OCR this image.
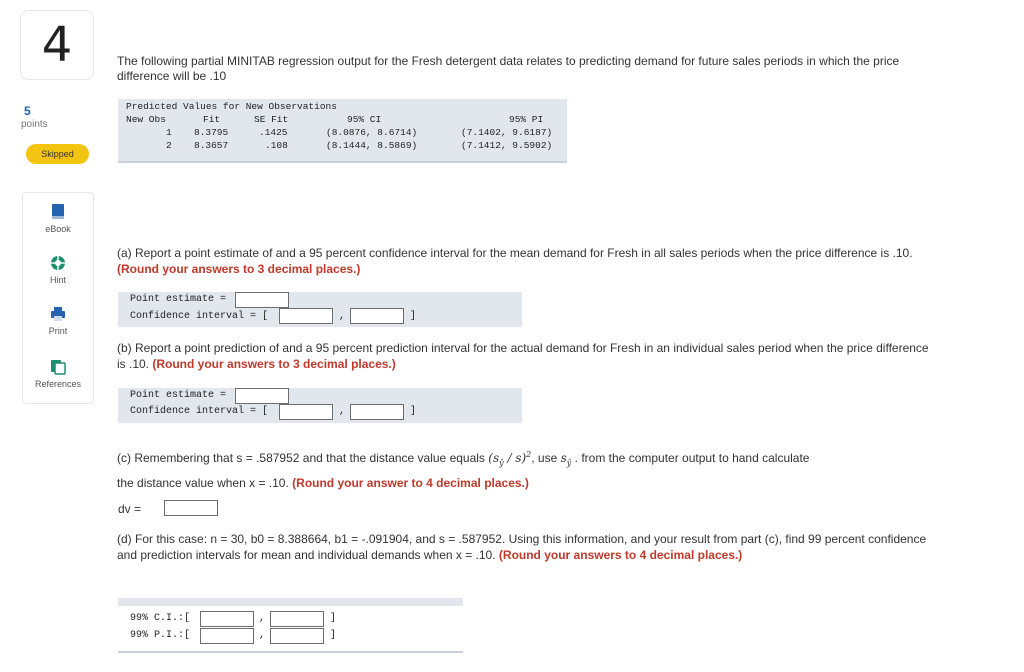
4
5
points
Skipped
eBook
Hint
Print
References
The following partial MINITAB regression output for the Fresh detergent data relates to predicting demand for future sales periods in which the price difference will be .10
Predicted Values for New Observations
New Obs	Fit	SE Fit	95% CI	95% PI
1 8.3795	.1425	(8.0876, 8.6714)	(7.1402, 9.6187)
2 8.3657	.108	(8.1444, 8.5869)	(7.1412, 9.5902)
(a) Report a point estimate of and a 95 percent confidence interval for the mean demand for Fresh in all sales periods when the price difference is .10. (Round your answers to 3 decimal places.)
Point estimate =
Confidence interval = [	,	]
(b) Report a point prediction of and a 95 percent prediction interval for the actual demand for Fresh in an individual sales period when the price difference is .10. (Round your answers to 3 decimal places.)
Point estimate =
Confidence interval = [	,	]
(c) Remembering that s = .587952 and that the distance value equals $(s_ŷ / s)^2$, use $s_ŷ$ . from the computer output to hand calculate
the distance value when x = .10. (Round your answer to 4 decimal places.)
dv =
(d) For this case: n = 30, b0 = 8.388664, b1 = -.091904, and s = .587952. Using this information, and your result from part (c), find 99 percent confidence and prediction intervals for mean and individual demands when x = .10. (Round your answers to 4 decimal places.)
99% C.I.:[	,	]
99% P.I.:[	,	]
